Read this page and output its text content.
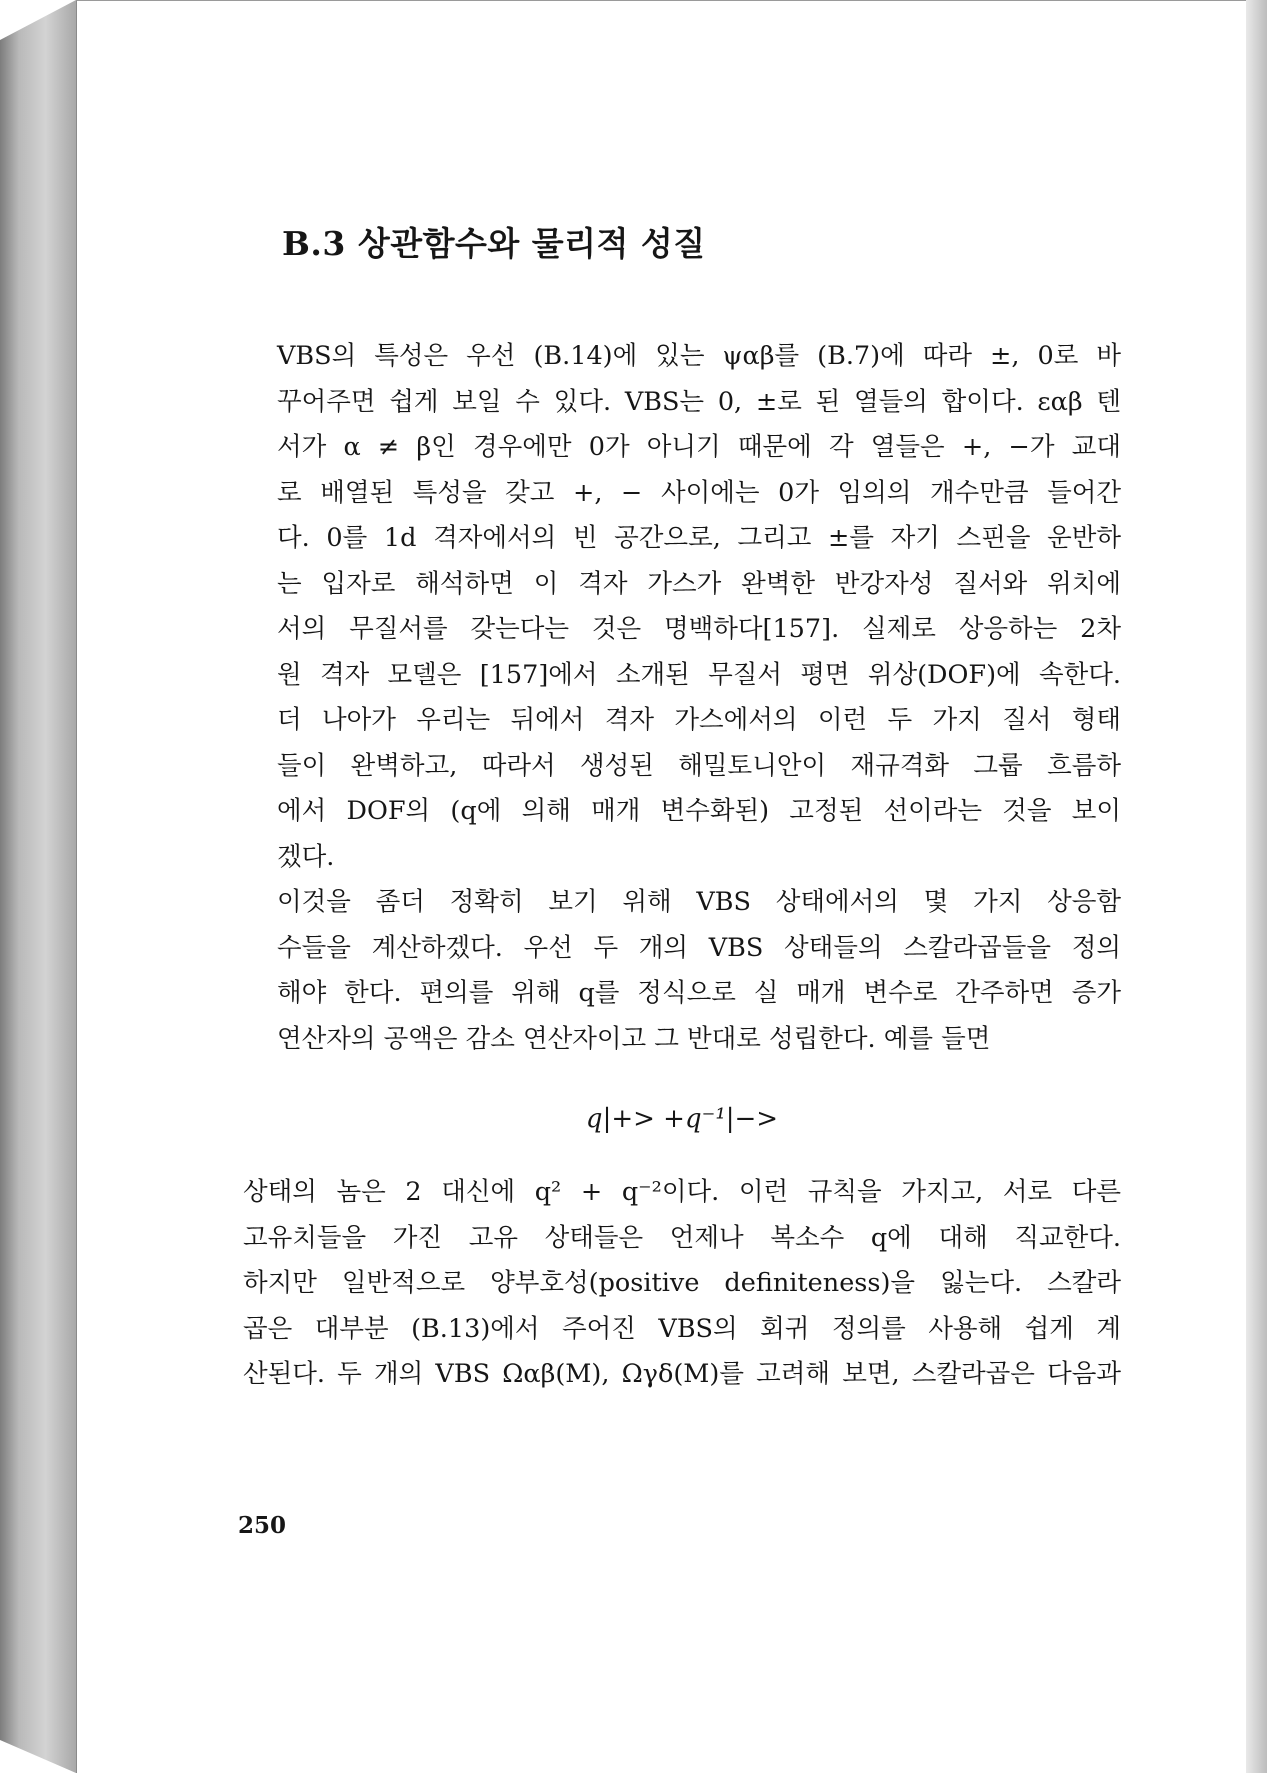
B.3 상관함수와 물리적 성질

VBS의 특성은 우선 (B.14)에 있는 ψαβ를 (B.7)에 따라 ±, 0로 바
꾸어주면 쉽게 보일 수 있다. VBS는 0, ±로 된 열들의 합이다. εαβ 텐
서가 α ≠ β인 경우에만 0가 아니기 때문에 각 열들은 +, −가 교대
로 배열된 특성을 갖고 +, − 사이에는 0가 임의의 개수만큼 들어간
다. 0를 1d 격자에서의 빈 공간으로, 그리고 ±를 자기 스핀을 운반하
는 입자로 해석하면 이 격자 가스가 완벽한 반강자성 질서와 위치에
서의 무질서를 갖는다는 것은 명백하다[157]. 실제로 상응하는 2차
원 격자 모델은 [157]에서 소개된 무질서 평면 위상(DOF)에 속한다.
더 나아가 우리는 뒤에서 격자 가스에서의 이런 두 가지 질서 형태
들이 완벽하고, 따라서 생성된 해밀토니안이 재규격화 그룹 흐름하
에서 DOF의 (q에 의해 매개 변수화된) 고정된 선이라는 것을 보이
겠다.

이것을 좀더 정확히 보기 위해 VBS 상태에서의 몇 가지 상응함
수들을 계산하겠다. 우선 두 개의 VBS 상태들의 스칼라곱들을 정의
해야 한다. 편의를 위해 q를 정식으로 실 매개 변수로 간주하면 증가
연산자의 공액은 감소 연산자이고 그 반대로 성립한다. 예를 들면

q|+> +q⁻¹|−>

상태의 놈은 2 대신에 q² + q⁻²이다. 이런 규칙을 가지고, 서로 다른
고유치들을 가진 고유 상태들은 언제나 복소수 q에 대해 직교한다.
하지만 일반적으로 양부호성(positive definiteness)을 잃는다. 스칼라
곱은 대부분 (B.13)에서 주어진 VBS의 회귀 정의를 사용해 쉽게 계
산된다. 두 개의 VBS Ωαβ(M), Ωγδ(M)를 고려해 보면, 스칼라곱은 다음과

250
